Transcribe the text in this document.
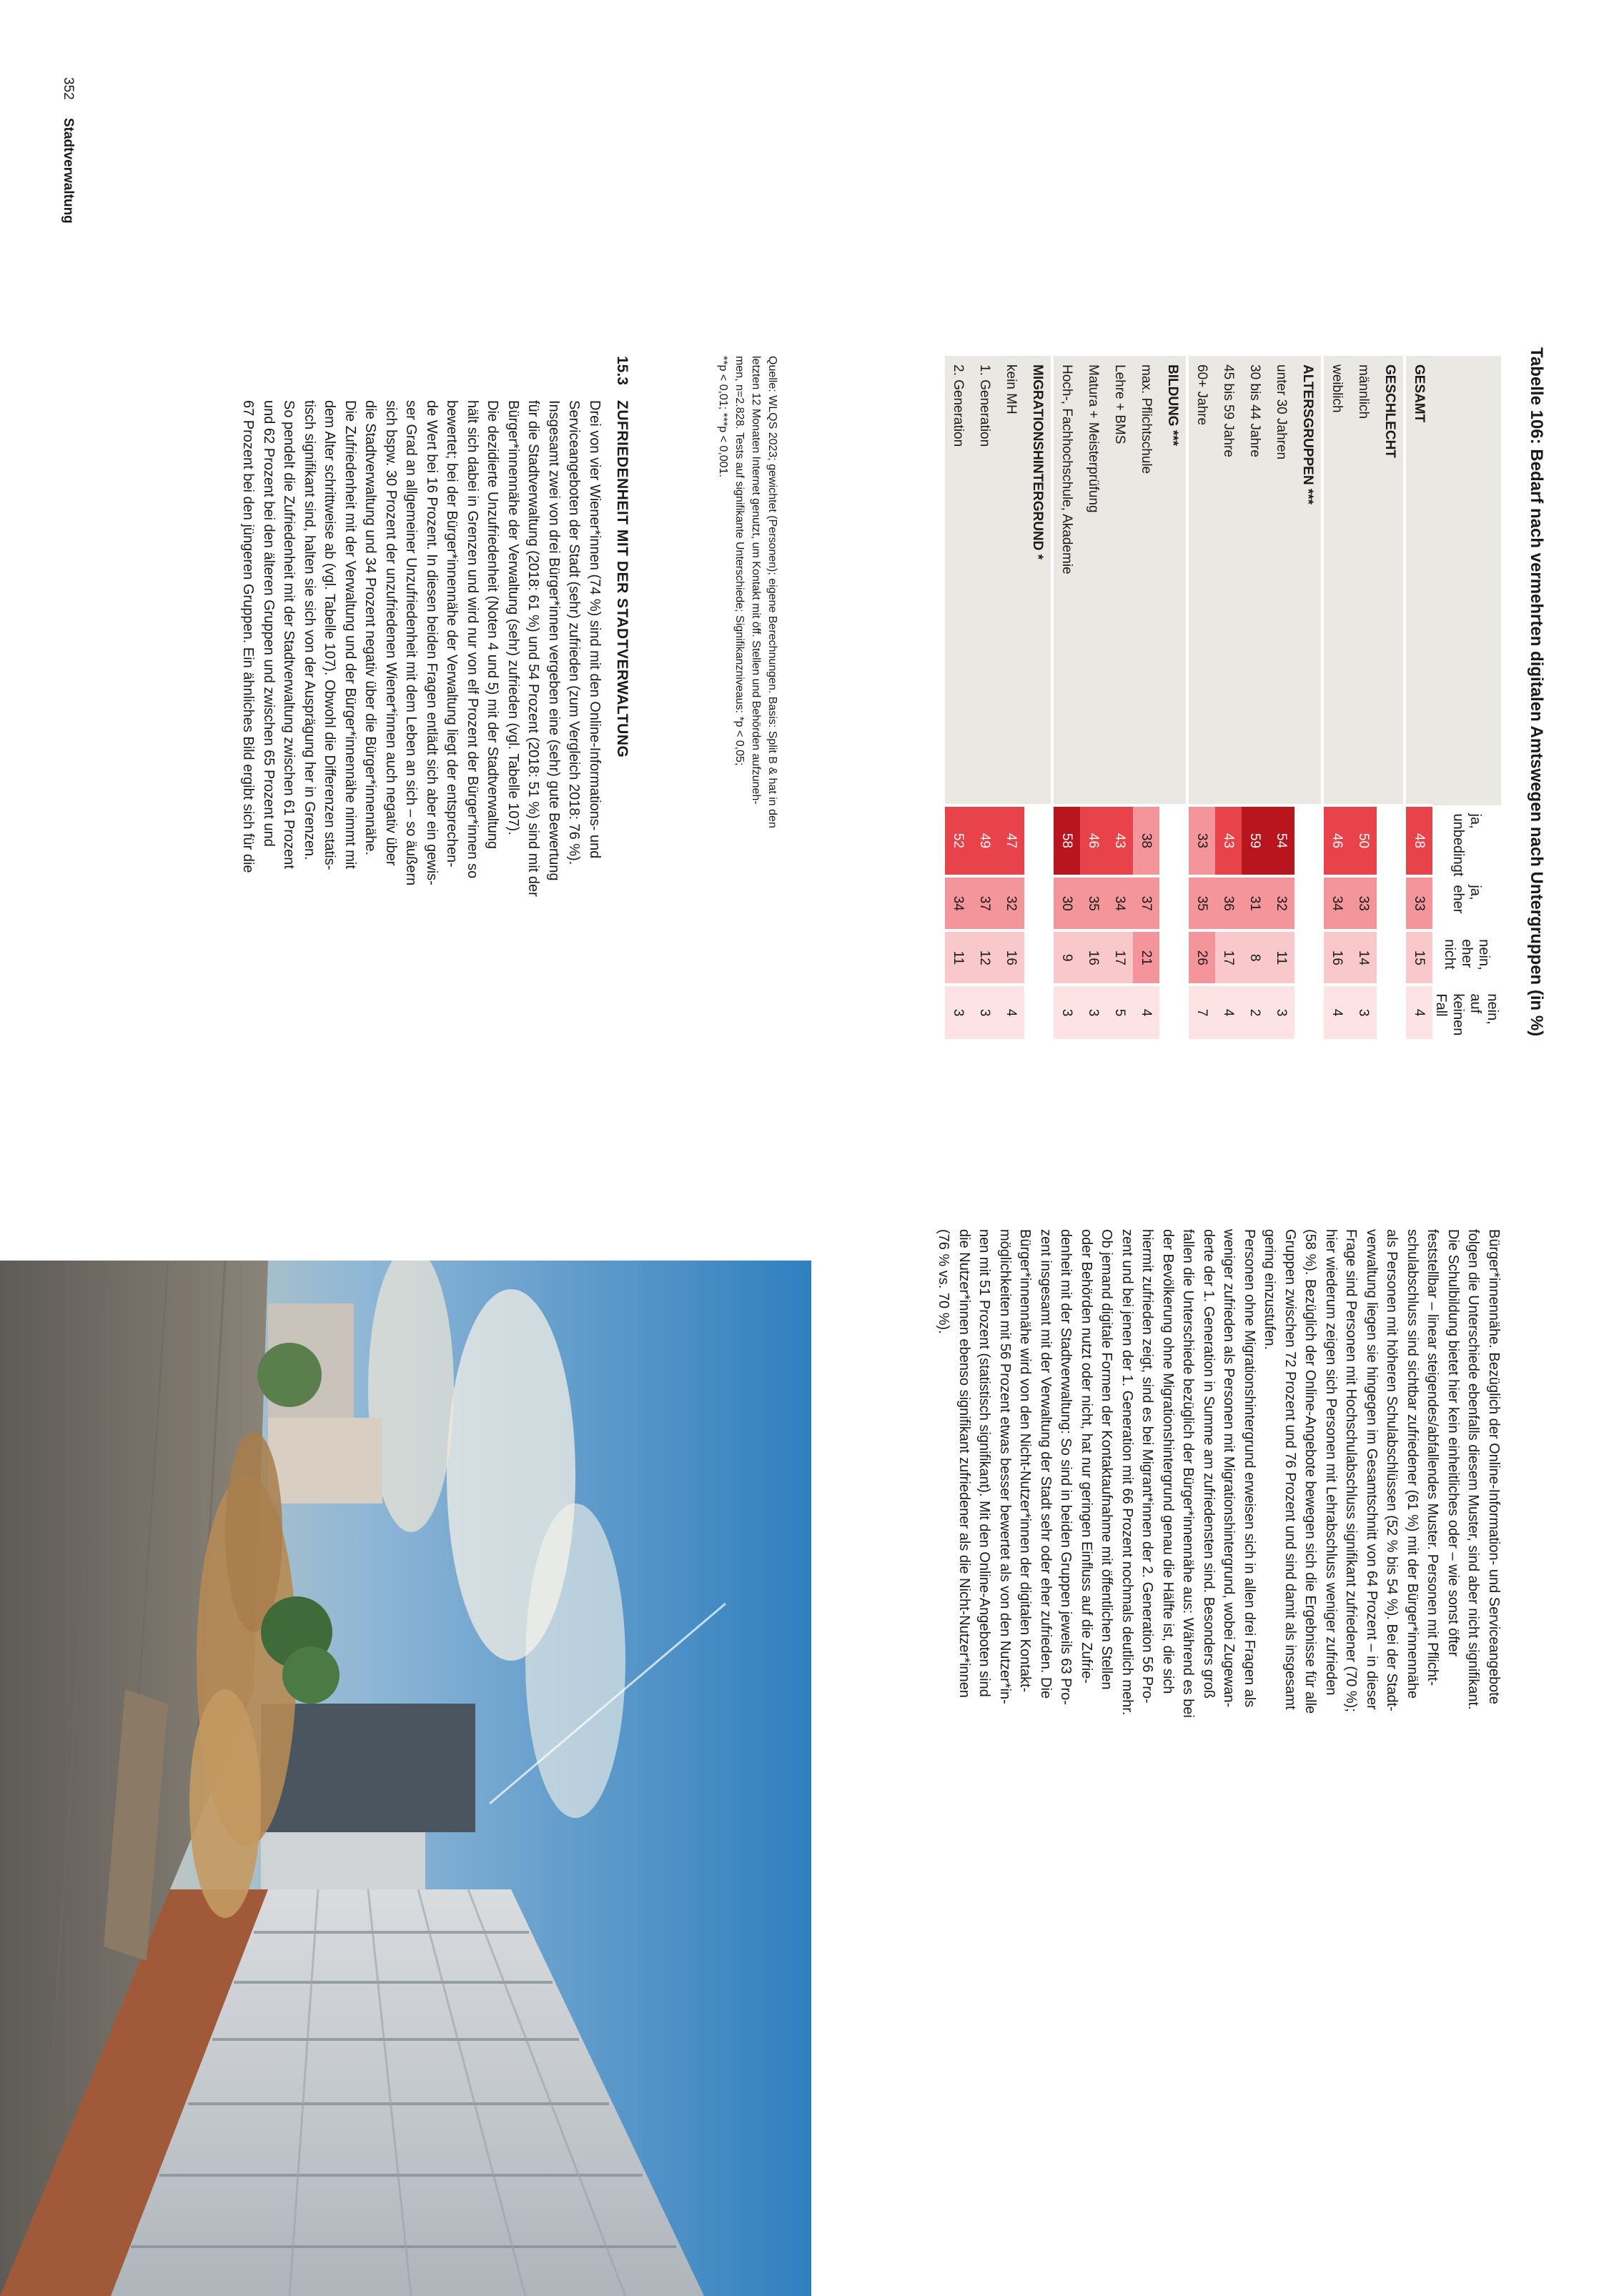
352 Stadtverwaltung
Tabelle 106: Bedarf nach vermehrten digitalen Amtswegen nach Untergruppen (in %)
	ja, unbedingt	ja, eher	nein, eher nicht	nein, auf keinen Fall
GESAMT	48	33	15	4
GESCHLECHT				
männlich	50	33	14	3
weiblich	46	34	16	4
ALTERSGRUPPEN ***				
unter 30 Jahren	54	32	11	3
30 bis 44 Jahre	59	31	8	2
45 bis 59 Jahre	43	36	17	4
60+ Jahre	33	35	26	7
BILDUNG ***				
max. Pflichtschule	38	37	21	4
Lehre + BMS	43	34	17	5
Matura + Meisterprüfung	46	35	16	3
Hoch-, Fachhochschule, Akademie	58	30	9	3
MIGRATIONSHINTERGRUND *				
kein MH	47	32	16	4
1. Generation	49	37	12	3
2. Generation	52	34	11	3

Quelle: WLQS 2023; gewichtet (Personen); eigene Berechnungen. Basis: Split B & hat in den

letzten 12 Monaten Internet genutzt, um Kontakt mit öff. Stellen und Behörden aufzuneh-

men, n=2.828. Tests auf signifikante Unterschiede; Signifikanzniveaus: *p < 0,05;

**p < 0,01; ***p < 0,001.

15.3
ZUFRIEDENHEIT MIT DER STADTVERWALTUNG

Drei von vier Wiener*innen (74 %) sind mit den Online-Informations- und

Serviceangeboten der Stadt (sehr) zufrieden (zum Vergleich 2018: 76 %).

Insgesamt zwei von drei Bürger*innen vergeben eine (sehr) gute Bewertung

für die Stadtverwaltung (2018: 61 %) und 54 Prozent (2018: 51 %) sind mit der

Bürger*innennähe der Verwaltung (sehr) zufrieden (vgl. Tabelle 107).

Die dezidierte Unzufriedenheit (Noten 4 und 5) mit der Stadtverwaltung

hält sich dabei in Grenzen und wird nur von elf Prozent der Bürger*innen so

bewertet; bei der Bürger*innennähe der Verwaltung liegt der entsprechen-

de Wert bei 16 Prozent. In diesen beiden Fragen entlädt sich aber ein gewis-

ser Grad an allgemeiner Unzufriedenheit mit dem Leben an sich – so äußern

sich bspw. 30 Prozent der unzufriedenen Wiener*innen auch negativ über

die Stadtverwaltung und 34 Prozent negativ über die Bürger*innennähe.

Die Zufriedenheit mit der Verwaltung und der Bürger*innennähe nimmt mit

dem Alter schrittweise ab (vgl. Tabelle 107). Obwohl die Differenzen statis-

tisch signifikant sind, halten sie sich von der Ausprägung her in Grenzen.

So pendelt die Zufriedenheit mit der Stadtverwaltung zwischen 61 Prozent

und 62 Prozent bei den älteren Gruppen und zwischen 65 Prozent und

67 Prozent bei den jüngeren Gruppen. Ein ähnliches Bild ergibt sich für die

Bürger*innennähe. Bezüglich der Online-Information- und Serviceangebote

folgen die Unterschiede ebenfalls diesem Muster, sind aber nicht signifikant.

Die Schulbildung bietet hier kein einheitliches oder – wie sonst öfter

feststellbar – linear steigendes/abfallendes Muster. Personen mit Pflicht-

schulabschluss sind sichtbar zufriedener (61 %) mit der Bürger*innennähe

als Personen mit höheren Schulabschlüssen (52 % bis 54 %). Bei der Stadt-

verwaltung liegen sie hingegen im Gesamtschnitt von 64 Prozent – in dieser

Frage sind Personen mit Hochschulabschluss signifikant zufriedener (70 %);

hier wiederum zeigen sich Personen mit Lehrabschluss weniger zufrieden

(58 %). Bezüglich der Online-Angebote bewegen sich die Ergebnisse für alle

Gruppen zwischen 72 Prozent und 76 Prozent und sind damit als insgesamt

gering einzustufen.

Personen ohne Migrationshintergrund erweisen sich in allen drei Fragen als

weniger zufrieden als Personen mit Migrationshintergrund, wobei Zugewan-

derte der 1. Generation in Summe am zufriedensten sind. Besonders groß

fallen die Unterschiede bezüglich der Bürger*innennähe aus: Während es bei

der Bevölkerung ohne Migrationshintergrund genau die Hälfte ist, die sich

hiermit zufrieden zeigt, sind es bei Migrant*innen der 2. Generation 56 Pro-

zent und bei jenen der 1. Generation mit 66 Prozent nochmals deutlich mehr.

Ob jemand digitale Formen der Kontaktaufnahme mit öffentlichen Stellen

oder Behörden nutzt oder nicht, hat nur geringen Einfluss auf die Zufrie-

denheit mit der Stadtverwaltung: So sind in beiden Gruppen jeweils 63 Pro-

zent insgesamt mit der Verwaltung der Stadt sehr oder eher zufrieden. Die

Bürger*innennähe wird von den Nicht-Nutzer*innen der digitalen Kontakt-

möglichkeiten mit 56 Prozent etwas besser bewertet als von den Nutzer*in-

nen mit 51 Prozent (statistisch signifikant). Mit den Online-Angeboten sind

die Nutzer*innen ebenso signifikant zufriedener als die Nicht-Nutzer*innen

(76 % vs. 70 %).
